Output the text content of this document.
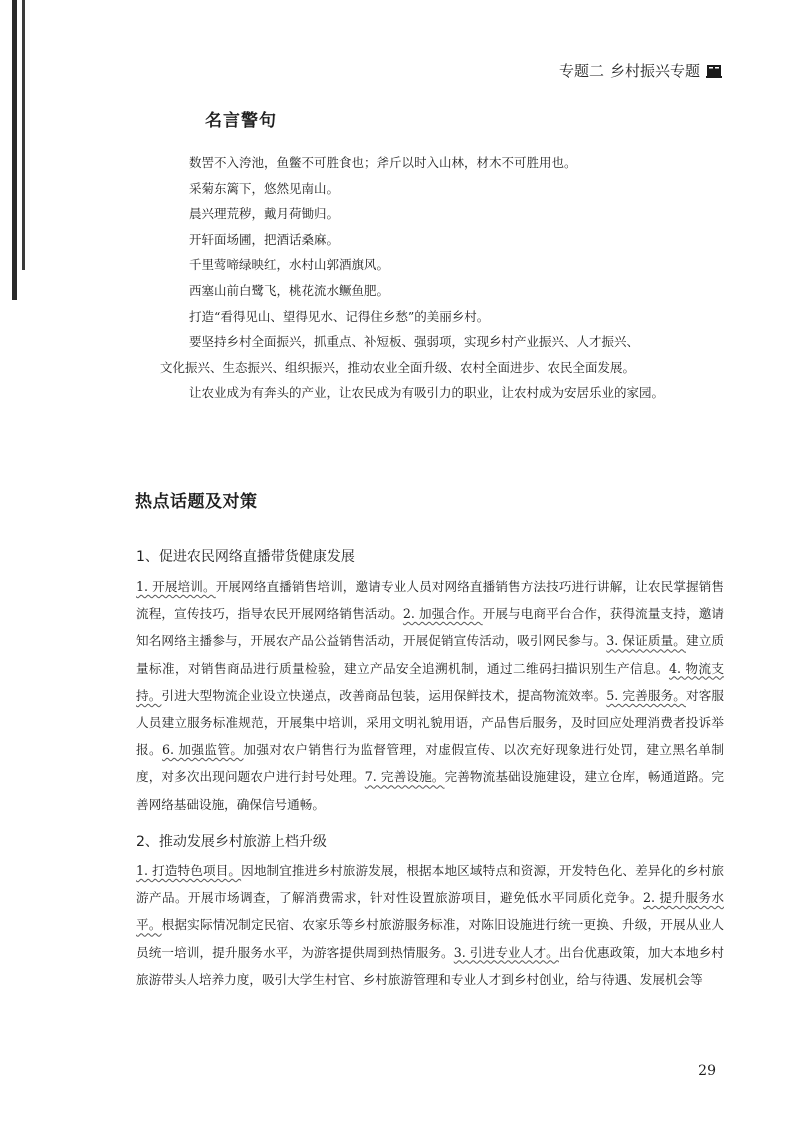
专题二 乡村振兴专题
名言警句
数罟不入洿池，鱼鳖不可胜食也；斧斤以时入山林，材木不可胜用也。
采菊东篱下，悠然见南山。
晨兴理荒秽，戴月荷锄归。
开轩面场圃，把酒话桑麻。
千里莺啼绿映红，水村山郭酒旗风。
西塞山前白鹭飞，桃花流水鳜鱼肥。
打造“看得见山、望得见水、记得住乡愁”的美丽乡村。
要坚持乡村全面振兴，抓重点、补短板、强弱项，实现乡村产业振兴、人才振兴、
文化振兴、生态振兴、组织振兴，推动农业全面升级、农村全面进步、农民全面发展。
让农业成为有奔头的产业，让农民成为有吸引力的职业，让农村成为安居乐业的家园。
热点话题及对策
1、促进农民网络直播带货健康发展
1. 开展培训。开展网络直播销售培训，邀请专业人员对网络直播销售方法技巧进行讲解，让农民掌握销售流程，宣传技巧，指导农民开展网络销售活动。2. 加强合作。开展与电商平台合作，获得流量支持，邀请知名网络主播参与，开展农产品公益销售活动，开展促销宣传活动，吸引网民参与。3. 保证质量。建立质量标准，对销售商品进行质量检验，建立产品安全追溯机制，通过二维码扫描识别生产信息。4. 物流支持。引进大型物流企业设立快递点，改善商品包装，运用保鲜技术，提高物流效率。5. 完善服务。对客服人员建立服务标准规范，开展集中培训，采用文明礼貌用语，产品售后服务，及时回应处理消费者投诉举报。6. 加强监管。加强对农户销售行为监督管理，对虚假宣传、以次充好现象进行处罚，建立黑名单制度，对多次出现问题农户进行封号处理。7. 完善设施。完善物流基础设施建设，建立仓库，畅通道路。完善网络基础设施，确保信号通畅。
2、推动发展乡村旅游上档升级
1. 打造特色项目。因地制宜推进乡村旅游发展，根据本地区域特点和资源，开发特色化、差异化的乡村旅游产品。开展市场调查，了解消费需求，针对性设置旅游项目，避免低水平同质化竞争。2. 提升服务水平。根据实际情况制定民宿、农家乐等乡村旅游服务标准，对陈旧设施进行统一更换、升级，开展从业人员统一培训，提升服务水平，为游客提供周到热情服务。3. 引进专业人才。出台优惠政策，加大本地乡村旅游带头人培养力度，吸引大学生村官、乡村旅游管理和专业人才到乡村创业，给与待遇、发展机会等
29
